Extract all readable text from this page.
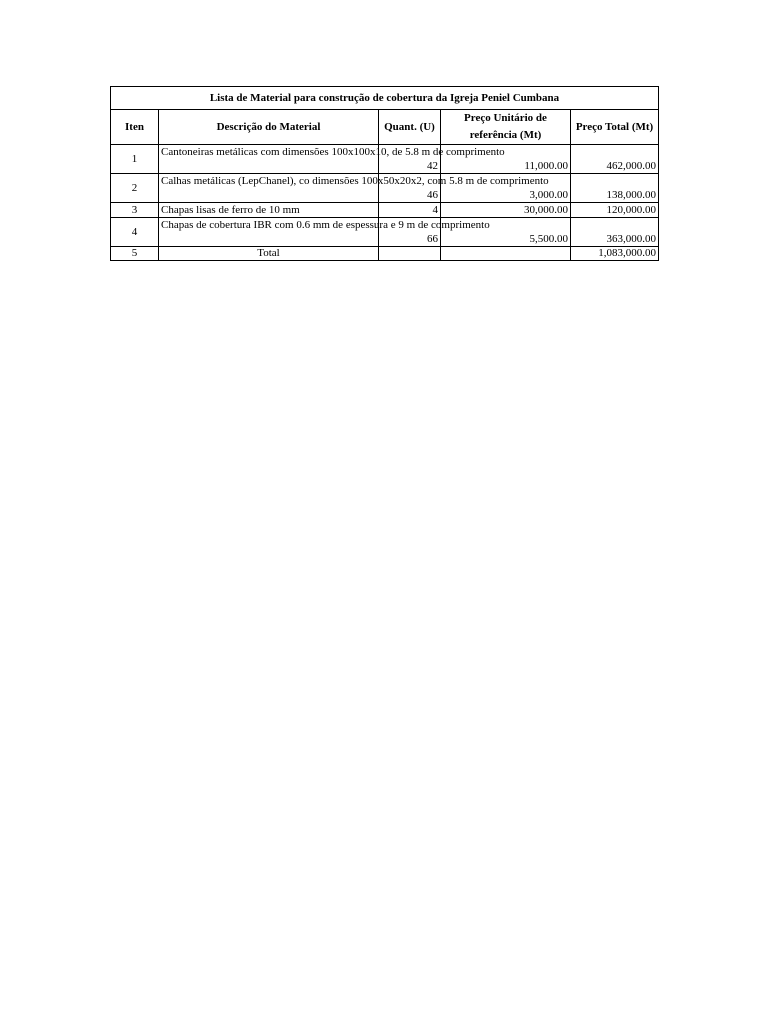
Lista de Material para construção de cobertura da Igreja Peniel Cumbana				
Iten	Descrição do Material	Quant. (U)	Preço Unitário de referência (Mt)	Preço Total (Mt)
1	Cantoneiras metálicas com dimensões 100x100x10, de 5.8 m de comprimento	42	11,000.00	462,000.00
2	Calhas metálicas (LepChanel), co dimensões 100x50x20x2, com 5.8 m de comprimento	46	3,000.00	138,000.00
3	Chapas lisas de ferro de 10 mm	4	30,000.00	120,000.00
4	Chapas de cobertura IBR com 0.6 mm de espessura e 9 m de comprimento	66	5,500.00	363,000.00
5	Total			1,083,000.00
